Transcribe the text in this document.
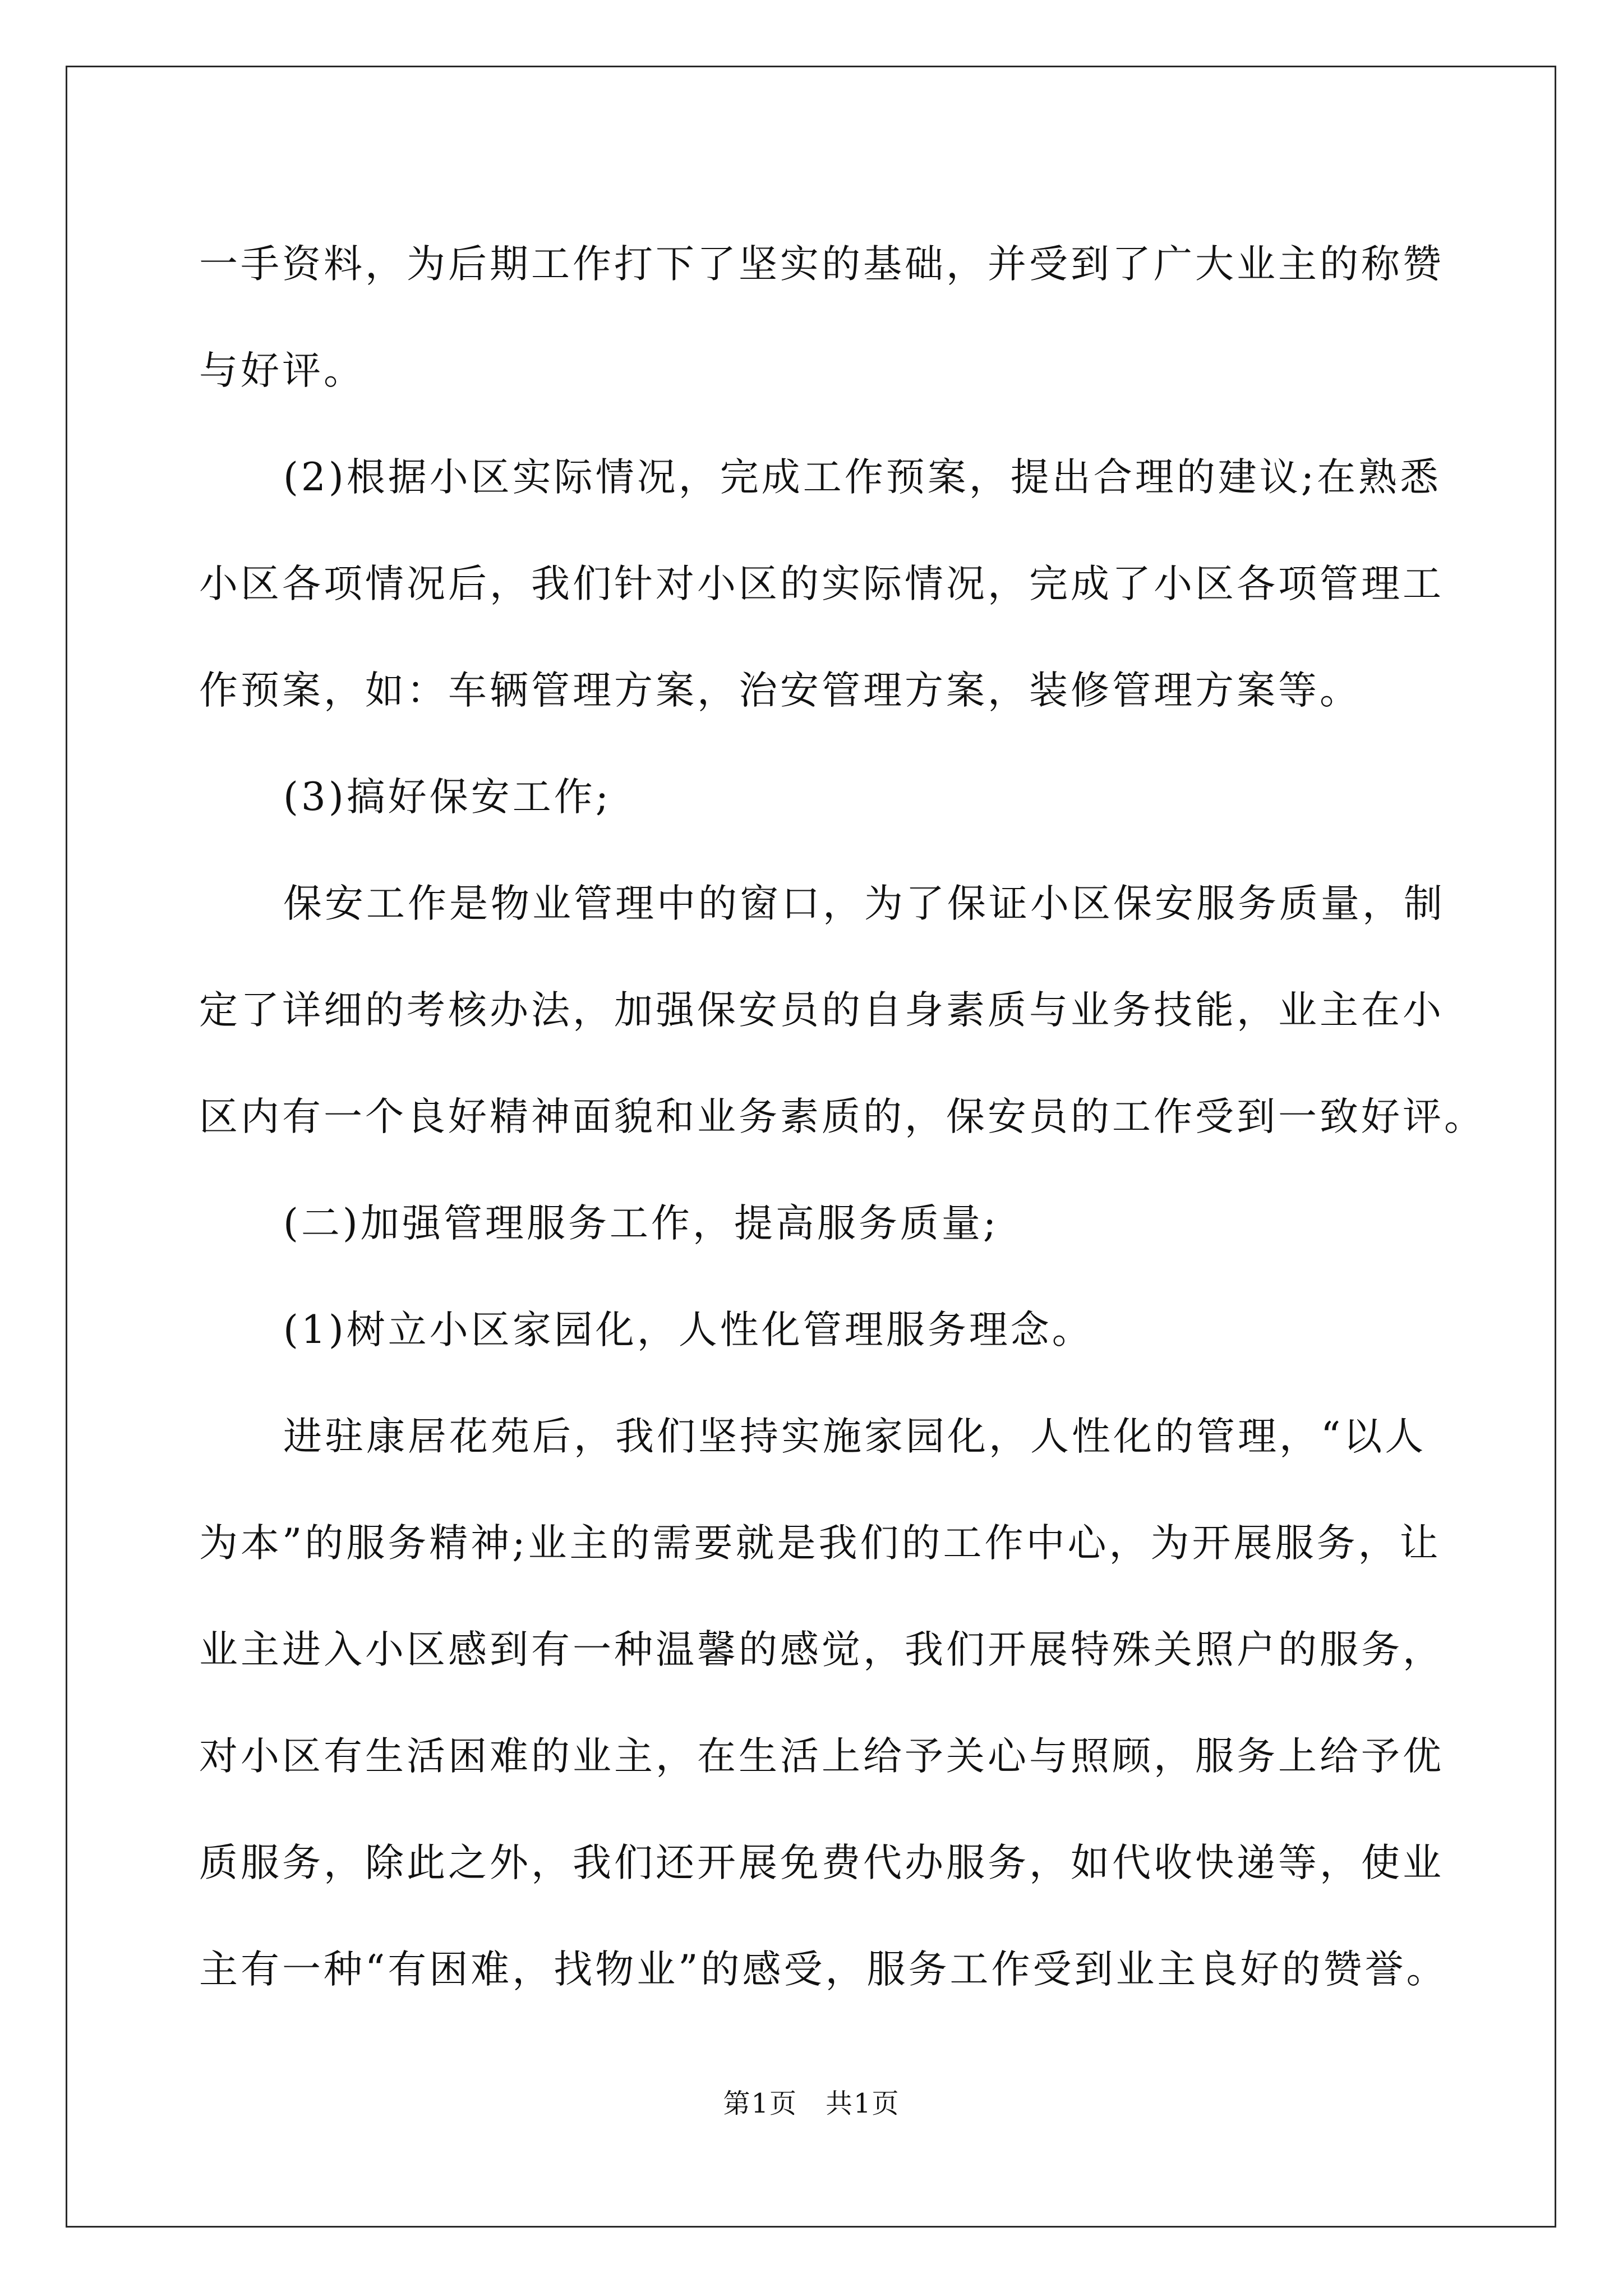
一手资料，为后期工作打下了坚实的基础，并受到了广大业主的称赞
与好评。
(2)根据小区实际情况，完成工作预案，提出合理的建议;在熟悉
小区各项情况后，我们针对小区的实际情况，完成了小区各项管理工
作预案，如：车辆管理方案，治安管理方案，装修管理方案等。
(3)搞好保安工作;
保安工作是物业管理中的窗口，为了保证小区保安服务质量，制
定了详细的考核办法，加强保安员的自身素质与业务技能，业主在小
区内有一个良好精神面貌和业务素质的，保安员的工作受到一致好评。
(二)加强管理服务工作，提高服务质量;
(1)树立小区家园化，人性化管理服务理念。
进驻康居花苑后，我们坚持实施家园化，人性化的管理，“以人
为本”的服务精神;业主的需要就是我们的工作中心，为开展服务，让
业主进入小区感到有一种温馨的感觉，我们开展特殊关照户的服务，
对小区有生活困难的业主，在生活上给予关心与照顾，服务上给予优
质服务，除此之外，我们还开展免费代办服务，如代收快递等，使业
主有一种“有困难，找物业”的感受，服务工作受到业主良好的赞誉。
第1页 共1页
